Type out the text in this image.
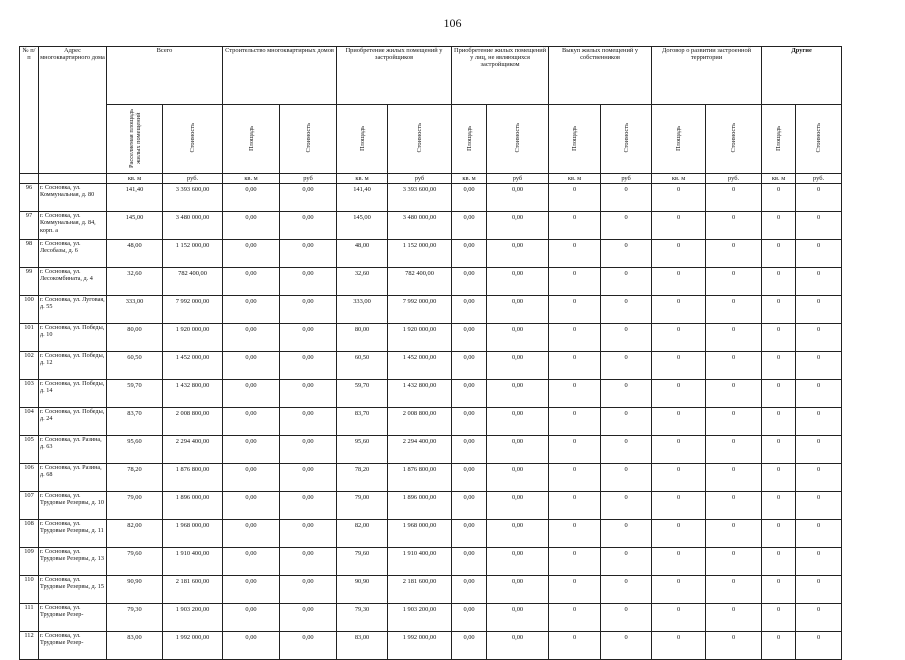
106
№ п/п	Адрес многоквартирного дома	Всего		Строительство многоквартирных домов		Приобретение жилых помещений у застройщиков		Приобретение жилых помещений у лиц, не являющихся застройщиком		Выкуп жилых помещений у собственников		Договор о развитии застроенной территории		Другие	
		Расселяемая площадь жилых помещений	Стоимость	Площадь	Стоимость	Площадь	Стоимость	Площадь	Стоимость	Площадь	Стоимость	Площадь	Стоимость	Площадь	Стоимость
		кв. м	руб.	кв. м	руб	кв. м	руб	кв. м	руб	кв. м	руб	кв. м	руб.	кв. м	руб.
96	г. Сосновка, ул. Коммунальная, д. 80	141,40	3 393 600,00	0,00	0,00	141,40	3 393 600,00	0,00	0,00	0	0	0	0	0	0
97	г. Сосновка, ул. Коммунальная, д. 84, корп. а	145,00	3 480 000,00	0,00	0,00	145,00	3 480 000,00	0,00	0,00	0	0	0	0	0	0
98	г. Сосновка, ул. Лесобазы, д. 6	48,00	1 152 000,00	0,00	0,00	48,00	1 152 000,00	0,00	0,00	0	0	0	0	0	0
99	г. Сосновка, ул. Лесокомбината, д. 4	32,60	782 400,00	0,00	0,00	32,60	782 400,00	0,00	0,00	0	0	0	0	0	0
100	г. Сосновка, ул. Луговая, д. 55	333,00	7 992 000,00	0,00	0,00	333,00	7 992 000,00	0,00	0,00	0	0	0	0	0	0
101	г. Сосновка, ул. Победы, д. 10	80,00	1 920 000,00	0,00	0,00	80,00	1 920 000,00	0,00	0,00	0	0	0	0	0	0
102	г. Сосновка, ул. Победы, д. 12	60,50	1 452 000,00	0,00	0,00	60,50	1 452 000,00	0,00	0,00	0	0	0	0	0	0
103	г. Сосновка, ул. Победы, д. 14	59,70	1 432 800,00	0,00	0,00	59,70	1 432 800,00	0,00	0,00	0	0	0	0	0	0
104	г. Сосновка, ул. Победы, д. 24	83,70	2 008 800,00	0,00	0,00	83,70	2 008 800,00	0,00	0,00	0	0	0	0	0	0
105	г. Сосновка, ул. Разина, д. 63	95,60	2 294 400,00	0,00	0,00	95,60	2 294 400,00	0,00	0,00	0	0	0	0	0	0
106	г. Сосновка, ул. Разина, д. 68	78,20	1 876 800,00	0,00	0,00	78,20	1 876 800,00	0,00	0,00	0	0	0	0	0	0
107	г. Сосновка, ул. Трудовые Резервы, д. 10	79,00	1 896 000,00	0,00	0,00	79,00	1 896 000,00	0,00	0,00	0	0	0	0	0	0
108	г. Сосновка, ул. Трудовые Резервы, д. 11	82,00	1 968 000,00	0,00	0,00	82,00	1 968 000,00	0,00	0,00	0	0	0	0	0	0
109	г. Сосновка, ул. Трудовые Резервы, д. 13	79,60	1 910 400,00	0,00	0,00	79,60	1 910 400,00	0,00	0,00	0	0	0	0	0	0
110	г. Сосновка, ул. Трудовые Резервы, д. 15	90,90	2 181 600,00	0,00	0,00	90,90	2 181 600,00	0,00	0,00	0	0	0	0	0	0
111	г. Сосновка, ул. Трудовые Резер-	79,30	1 903 200,00	0,00	0,00	79,30	1 903 200,00	0,00	0,00	0	0	0	0	0	0
112	г. Сосновка, ул. Трудовые Резер-	83,00	1 992 000,00	0,00	0,00	83,00	1 992 000,00	0,00	0,00	0	0	0	0	0	0
